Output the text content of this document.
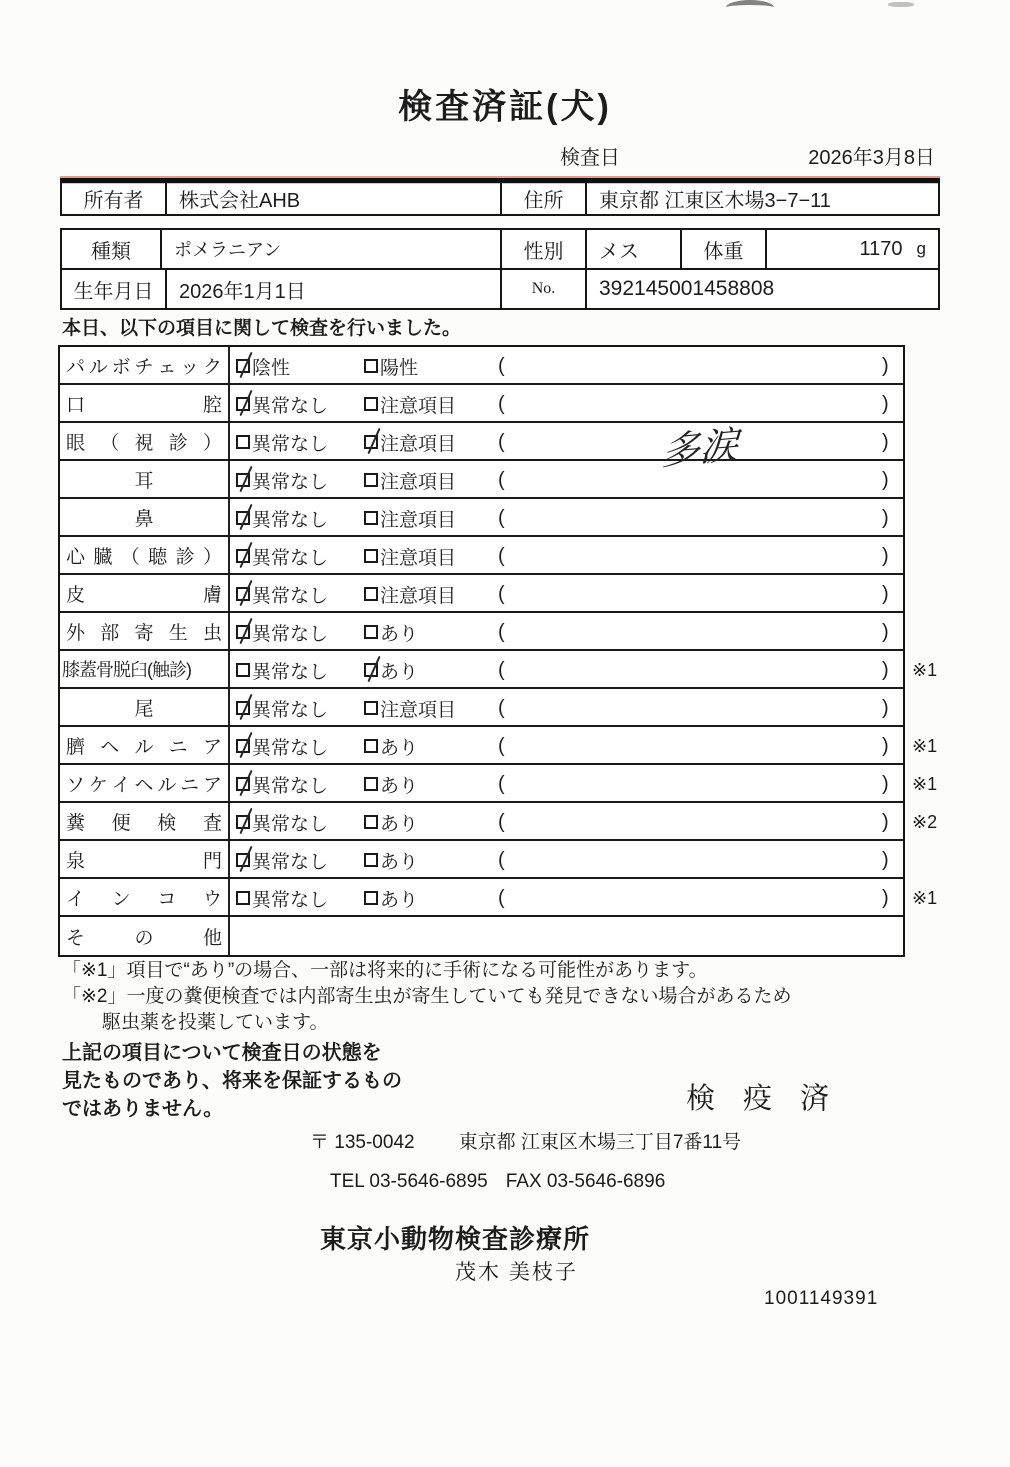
検査済証(犬)
検査日	2026年3月8日
所有者	株式会社AHB	住所	東京都 江東区木場3−7−11
種類	ポメラニアン	性別	メス	体重	1170 g
生年月日	2026年1月1日	No.	392145001458808
本日、以下の項目に関して検査を行いました。
パ ル ボ チ ェ ッ ク 陰性	陽性	(	)
口	腔 異常なし	注意項目 (	)
眼 （ 視 診 ） 異常なし	注意項目 (	多涙	)
耳	異常なし	注意項目 (	)
鼻	異常なし	注意項目 (	)
心 臓 （ 聴 診 ） 異常なし	注意項目 (	)
皮	膚 異常なし	注意項目 (	)
外 部 寄 生 虫 異常なし	あり	(	)
膝蓋骨脱臼(触診)	異常なし	あり	(	) ※1
尾	異常なし	注意項目 (	)
臍 ヘ ル ニ ア 異常なし	あり	(	) ※1
ソ ケ イ ヘ ル ニ ア 異常なし	あり	(	) ※1
糞 便 検 査 異常なし	あり	(	) ※2
泉	門 異常なし	あり	(	)
イ ン コ ウ 異常なし	あり	(	) ※1
そ	の	他
「※1」項目で“あり”の場合、一部は将来的に手術になる可能性があります。
「※2」一度の糞便検査では内部寄生虫が寄生していても発見できない場合があるため
駆虫薬を投薬しています。
上記の項目について検査日の状態を
見たものであり、将来を保証するもの
ではありません。	検 疫 済
〒 135-0042 東京都 江東区木場三丁目7番11号
TEL 03-5646-6895 FAX 03-5646-6896
東京小動物検査診療所
茂木 美枝子
1001149391
